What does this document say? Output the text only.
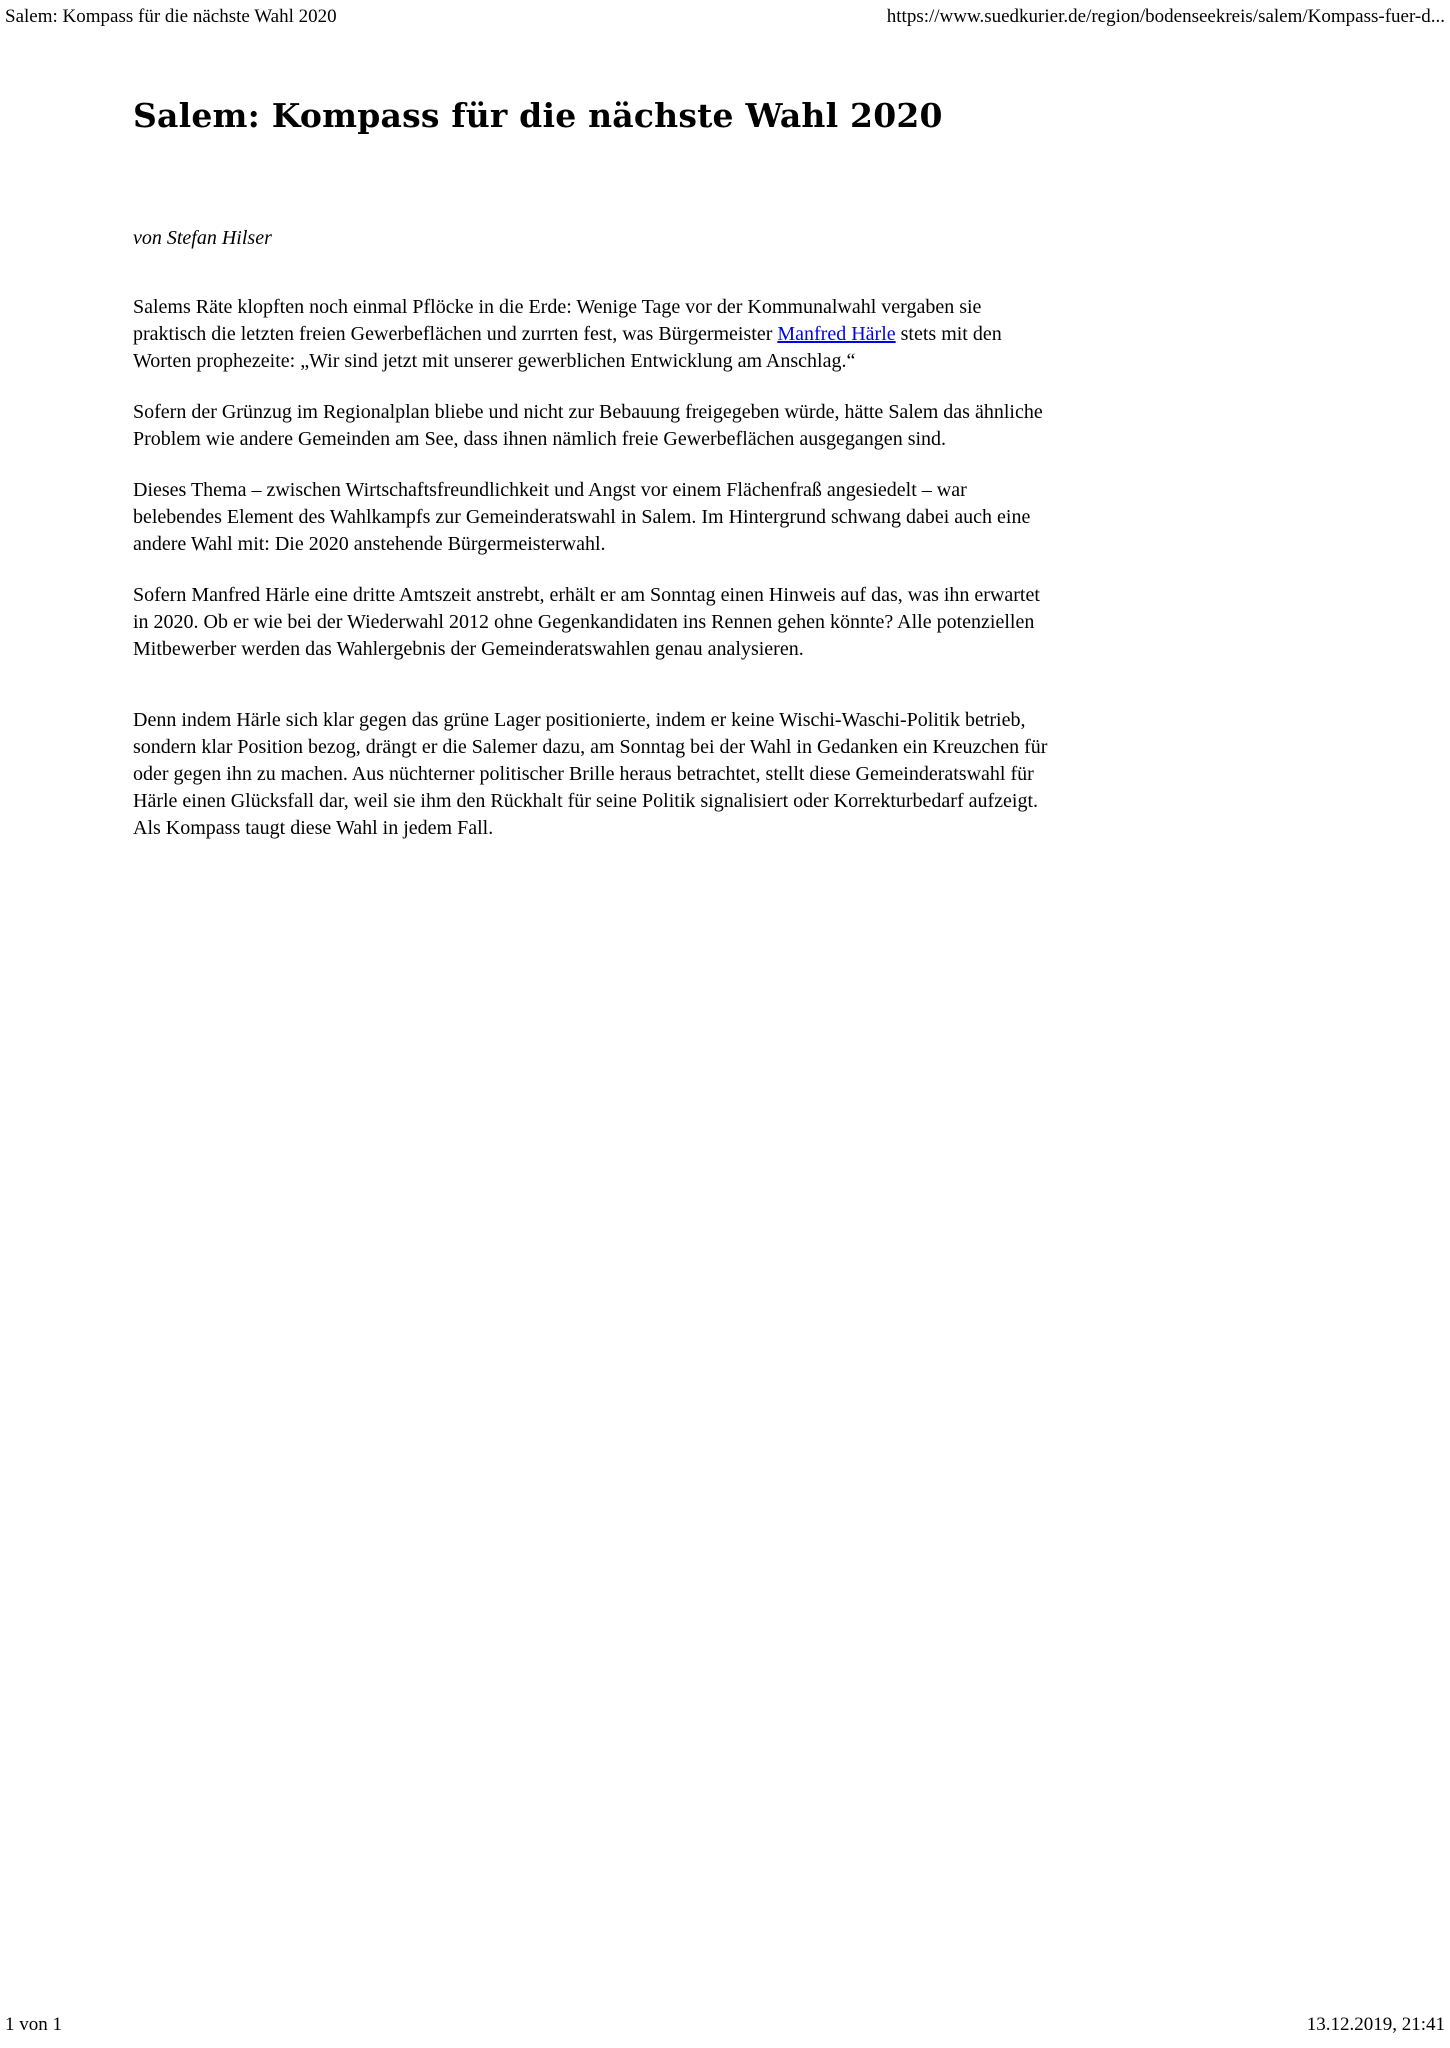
Salem: Kompass für die nächste Wahl 2020	https://www.suedkurier.de/region/bodenseekreis/salem/Kompass-fuer-d...
Salem: Kompass für die nächste Wahl 2020
von Stefan Hilser

Salems Räte klopften noch einmal Pflöcke in die Erde: Wenige Tage vor der Kommunalwahl vergaben sie praktisch die letzten freien Gewerbeflächen und zurrten fest, was Bürgermeister Manfred Härle stets mit den Worten prophezeite: „Wir sind jetzt mit unserer gewerblichen Entwicklung am Anschlag.“

Sofern der Grünzug im Regionalplan bliebe und nicht zur Bebauung freigegeben würde, hätte Salem das ähnliche Problem wie andere Gemeinden am See, dass ihnen nämlich freie Gewerbeflächen ausgegangen sind.

Dieses Thema – zwischen Wirtschaftsfreundlichkeit und Angst vor einem Flächenfraß angesiedelt – war belebendes Element des Wahlkampfs zur Gemeinderatswahl in Salem. Im Hintergrund schwang dabei auch eine andere Wahl mit: Die 2020 anstehende Bürgermeisterwahl.

Sofern Manfred Härle eine dritte Amtszeit anstrebt, erhält er am Sonntag einen Hinweis auf das, was ihn erwartet in 2020. Ob er wie bei der Wiederwahl 2012 ohne Gegenkandidaten ins Rennen gehen könnte? Alle potenziellen Mitbewerber werden das Wahlergebnis der Gemeinderatswahlen genau analysieren.

Denn indem Härle sich klar gegen das grüne Lager positionierte, indem er keine Wischi-Waschi-Politik betrieb, sondern klar Position bezog, drängt er die Salemer dazu, am Sonntag bei der Wahl in Gedanken ein Kreuzchen für oder gegen ihn zu machen. Aus nüchterner politischer Brille heraus betrachtet, stellt diese Gemeinderatswahl für Härle einen Glücksfall dar, weil sie ihm den Rückhalt für seine Politik signalisiert oder Korrekturbedarf aufzeigt. Als Kompass taugt diese Wahl in jedem Fall.

1 von 1	13.12.2019, 21:41
